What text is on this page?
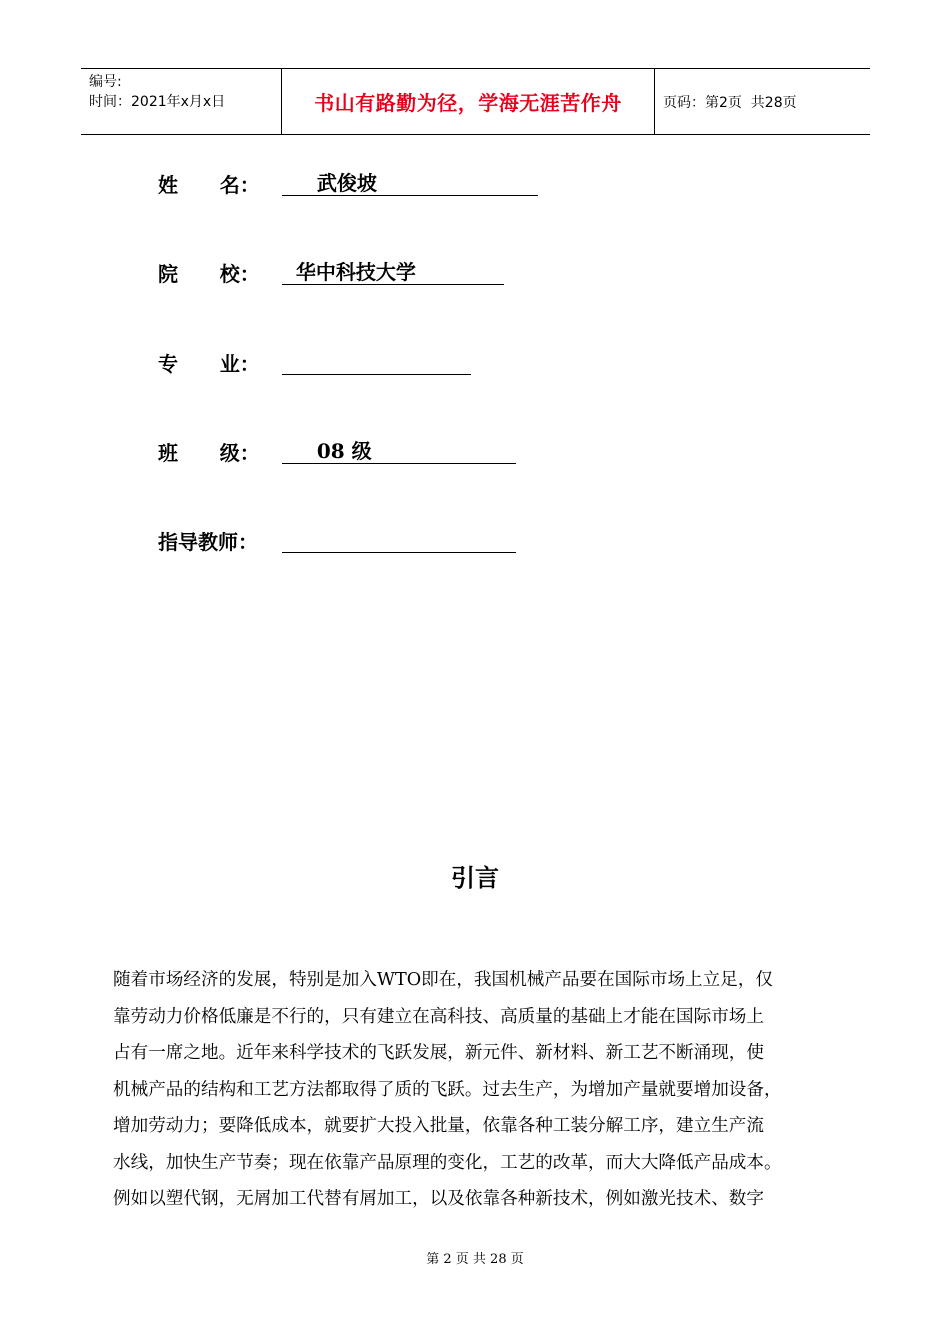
编号:
时间：2021年x月x日	书山有路勤为径，学海无涯苦作舟	页码：第2页  共28页
姓      名： 武俊坡
院      校： 华中科技大学
专      业：
班      级： 08 级
指导教师：
引言
随着市场经济的发展，特别是加入WTO即在，我国机械产品要在国际市场上立足，仅
靠劳动力价格低廉是不行的，只有建立在高科技、高质量的基础上才能在国际市场上
占有一席之地。近年来科学技术的飞跃发展，新元件、新材料、新工艺不断涌现，使
机械产品的结构和工艺方法都取得了质的飞跃。过去生产，为增加产量就要增加设备，
增加劳动力；要降低成本，就要扩大投入批量，依靠各种工装分解工序，建立生产流
水线，加快生产节奏；现在依靠产品原理的变化，工艺的改革，而大大降低产品成本。
例如以塑代钢，无屑加工代替有屑加工，以及依靠各种新技术，例如激光技术、数字
第 2 页 共 28 页
